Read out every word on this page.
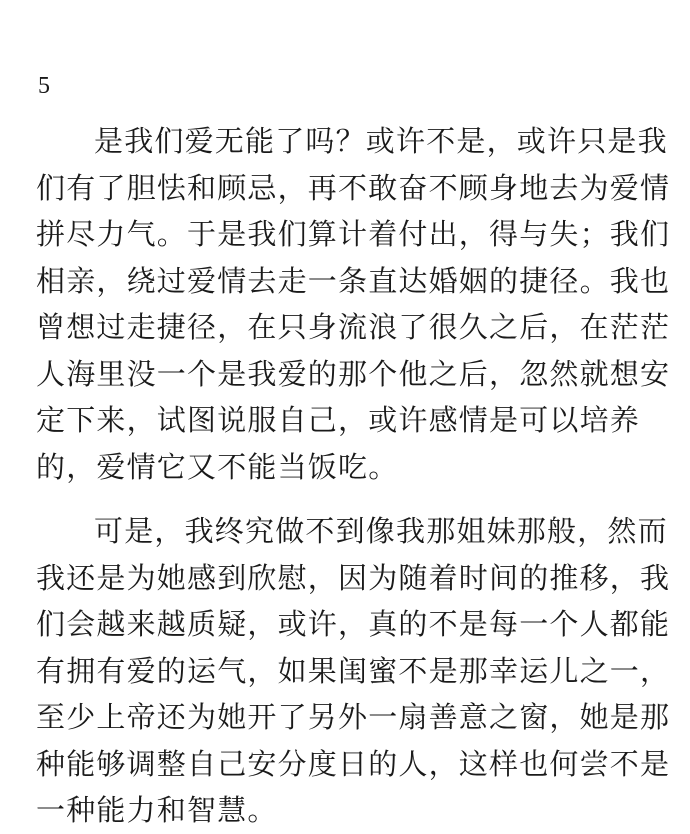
5

是我们爱无能了吗？或许不是，或许只是我
们有了胆怯和顾忌，再不敢奋不顾身地去为爱情
拼尽力气。于是我们算计着付出，得与失；我们
相亲，绕过爱情去走一条直达婚姻的捷径。我也
曾想过走捷径，在只身流浪了很久之后，在茫茫
人海里没一个是我爱的那个他之后，忽然就想安
定下来，试图说服自己，或许感情是可以培养
的，爱情它又不能当饭吃。

可是，我终究做不到像我那姐妹那般，然而
我还是为她感到欣慰，因为随着时间的推移，我
们会越来越质疑，或许，真的不是每一个人都能
有拥有爱的运气，如果闺蜜不是那幸运儿之一，
至少上帝还为她开了另外一扇善意之窗，她是那
种能够调整自己安分度日的人，这样也何尝不是
一种能力和智慧。
